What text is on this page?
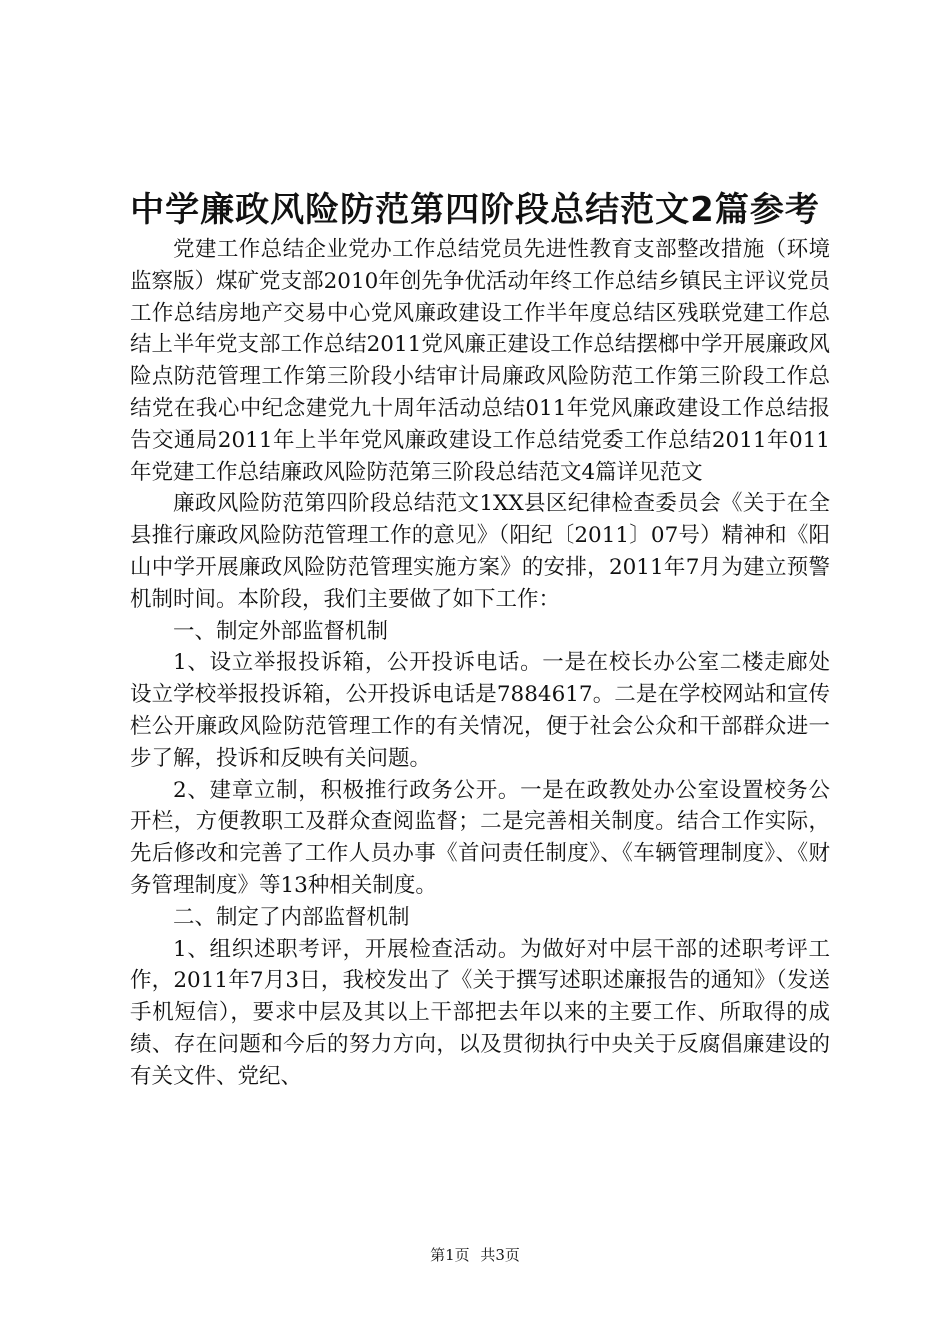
中学廉政风险防范第四阶段总结范文2篇参考

党建工作总结企业党办工作总结党员先进性教育支部整改措施（环境监察版）煤矿党支部2010年创先争优活动年终工作总结乡镇民主评议党员工作总结房地产交易中心党风廉政建设工作半年度总结区残联党建工作总结上半年党支部工作总结2011党风廉正建设工作总结摆榔中学开展廉政风险点防范管理工作第三阶段小结审计局廉政风险防范工作第三阶段工作总结党在我心中纪念建党九十周年活动总结011年党风廉政建设工作总结报告交通局2011年上半年党风廉政建设工作总结党委工作总结2011年011年党建工作总结廉政风险防范第三阶段总结范文4篇详见范文

廉政风险防范第四阶段总结范文1XX县区纪律检查委员会《关于在全县推行廉政风险防范管理工作的意见》（阳纪〔2011〕07号）精神和《阳山中学开展廉政风险防范管理实施方案》的安排，2011年7月为建立预警机制时间。本阶段，我们主要做了如下工作：

一、制定外部监督机制

1、设立举报投诉箱，公开投诉电话。一是在校长办公室二楼走廊处设立学校举报投诉箱，公开投诉电话是7884617。二是在学校网站和宣传栏公开廉政风险防范管理工作的有关情况，便于社会公众和干部群众进一步了解，投诉和反映有关问题。

2、建章立制，积极推行政务公开。一是在政教处办公室设置校务公开栏，方便教职工及群众查阅监督；二是完善相关制度。结合工作实际，先后修改和完善了工作人员办事《首问责任制度》、《车辆管理制度》、《财务管理制度》等13种相关制度。

二、制定了内部监督机制

1、组织述职考评，开展检查活动。为做好对中层干部的述职考评工作，2011年7月3日，我校发出了《关于撰写述职述廉报告的通知》（发送手机短信），要求中层及其以上干部把去年以来的主要工作、所取得的成绩、存在问题和今后的努力方向，以及贯彻执行中央关于反腐倡廉建设的有关文件、党纪、

第1页 共3页
